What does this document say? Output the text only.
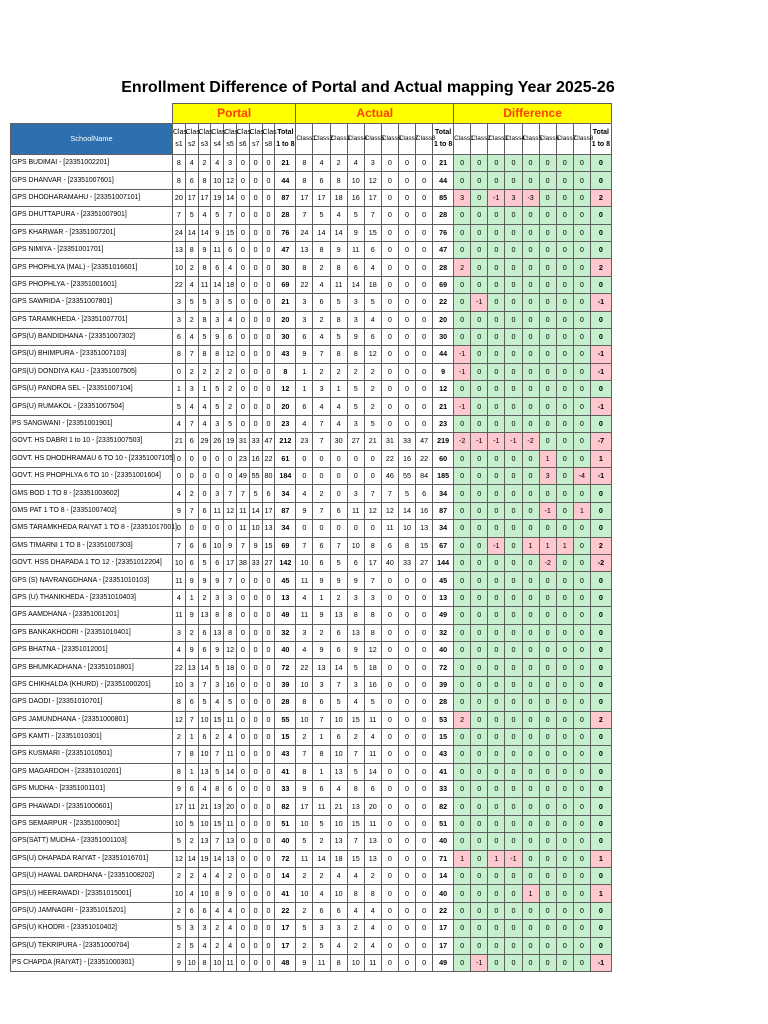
Enrollment Difference of Portal and Actual mapping Year 2025-26
	Portal									Actual									Difference								
SchoolName	Clas s1	Clas s2	Clas s3	Clas s4	Clas s5	Clas s6	Clas s7	Clas s8	Total 1 to 8	Class1	Class2	Class3	Class4	Class5	Class6	Class7	Class8	Total 1 to 8	Class1	Class2	Class3	Class4	Class5	Class6	Class7	Class8	Total 1 to 8
GPS BUDIMAI - [23351002201]	8	4	2	4	3	0	0	0	21	8	4	2	4	3	0	0	0	21	0	0	0	0	0	0	0	0	0
GPS DHANVAR - [23351007601]	8	6	8	10	12	0	0	0	44	8	6	8	10	12	0	0	0	44	0	0	0	0	0	0	0	0	0
GPS DHODHARAMAHU - [23351007101]	20	17	17	19	14	0	0	0	87	17	17	18	16	17	0	0	0	85	3	0	-1	3	-3	0	0	0	2
GPS DHUTTAPURA - [23351007901]	7	5	4	5	7	0	0	0	28	7	5	4	5	7	0	0	0	28	0	0	0	0	0	0	0	0	0
GPS KHARWAR - [23351007201]	24	14	14	9	15	0	0	0	76	24	14	14	9	15	0	0	0	76	0	0	0	0	0	0	0	0	0
GPS NIMIYA - [23351001701]	13	8	9	11	6	0	0	0	47	13	8	9	11	6	0	0	0	47	0	0	0	0	0	0	0	0	0
GPS PHOPHLYA (MAL) - [23351016601]	10	2	8	6	4	0	0	0	30	8	2	8	6	4	0	0	0	28	2	0	0	0	0	0	0	0	2
GPS PHOPHLYA - [23351001601]	22	4	11	14	18	0	0	0	69	22	4	11	14	18	0	0	0	69	0	0	0	0	0	0	0	0	0
GPS SAWRIDA - [23351007801]	3	5	5	3	5	0	0	0	21	3	6	5	3	5	0	0	0	22	0	-1	0	0	0	0	0	0	-1
GPS TARAMKHEDA - [23351007701]	3	2	8	3	4	0	0	0	20	3	2	8	3	4	0	0	0	20	0	0	0	0	0	0	0	0	0
GPS(U) BANDIDHANA - [23351007302]	6	4	5	9	6	0	0	0	30	6	4	5	9	6	0	0	0	30	0	0	0	0	0	0	0	0	0
GPS(U) BHIMPURA - [23351007103]	8	7	8	8	12	0	0	0	43	9	7	8	8	12	0	0	0	44	-1	0	0	0	0	0	0	0	-1
GPS(U) DONDIYA KAU - [23351007505]	0	2	2	2	2	0	0	0	8	1	2	2	2	2	0	0	0	9	-1	0	0	0	0	0	0	0	-1
GPS(U) PANDRA SEL - [23351007104]	1	3	1	5	2	0	0	0	12	1	3	1	5	2	0	0	0	12	0	0	0	0	0	0	0	0	0
GPS(U) RUMAKOL - [23351007504]	5	4	4	5	2	0	0	0	20	6	4	4	5	2	0	0	0	21	-1	0	0	0	0	0	0	0	-1
PS SANGWANI - [23351001901]	4	7	4	3	5	0	0	0	23	4	7	4	3	5	0	0	0	23	0	0	0	0	0	0	0	0	0
GOVT. HS DABRI 1 to 10 - [23351007503]	21	6	29	26	19	31	33	47	212	23	7	30	27	21	31	33	47	219	-2	-1	-1	-1	-2	0	0	0	-7
GOVT. HS DHODHRAMAU 6 TO 10 - [23351007105]	0	0	0	0	0	23	16	22	61	0	0	0	0	0	22	16	22	60	0	0	0	0	0	1	0	0	1
GOVT. HS PHOPHLYA 6 TO 10 - [23351001604]	0	0	0	0	0	49	55	80	184	0	0	0	0	0	46	55	84	185	0	0	0	0	0	3	0	-4	-1
GMS BOD 1 TO 8 - [23351003602]	4	2	0	3	7	7	5	6	34	4	2	0	3	7	7	5	6	34	0	0	0	0	0	0	0	0	0
GMS PAT 1 TO 8 - [23351007402]	9	7	6	11	12	11	14	17	87	9	7	6	11	12	12	14	16	87	0	0	0	0	0	-1	0	1	0
GMS TARAMKHEDA RAIYAT 1 TO 8 - [23351017001]	0	0	0	0	0	11	10	13	34	0	0	0	0	0	11	10	13	34	0	0	0	0	0	0	0	0	0
GMS TIMARNI 1 TO 8 - [23351007303]	7	6	6	10	9	7	9	15	69	7	6	7	10	8	6	8	15	67	0	0	-1	0	1	1	1	0	2
GOVT. HSS DHAPADA 1 TO 12 - [23351012204]	10	6	5	6	17	38	33	27	142	10	6	5	6	17	40	33	27	144	0	0	0	0	0	-2	0	0	-2
GPS (S) NAVRANGDHANA - [23351010103]	11	9	9	9	7	0	0	0	45	11	9	9	9	7	0	0	0	45	0	0	0	0	0	0	0	0	0
GPS (U) THANIKHEDA - [23351010403]	4	1	2	3	3	0	0	0	13	4	1	2	3	3	0	0	0	13	0	0	0	0	0	0	0	0	0
GPS AAMDHANA - [23351001201]	11	9	13	8	8	0	0	0	49	11	9	13	8	8	0	0	0	49	0	0	0	0	0	0	0	0	0
GPS BANKAKHODRI - [23351010401]	3	2	6	13	8	0	0	0	32	3	2	6	13	8	0	0	0	32	0	0	0	0	0	0	0	0	0
GPS BHATNA - [23351012001]	4	9	6	9	12	0	0	0	40	4	9	6	9	12	0	0	0	40	0	0	0	0	0	0	0	0	0
GPS BHUMKADHANA - [23351010801]	22	13	14	5	18	0	0	0	72	22	13	14	5	18	0	0	0	72	0	0	0	0	0	0	0	0	0
GPS CHIKHALDA (KHURD) - [23351000201]	10	3	7	3	16	0	0	0	39	10	3	7	3	16	0	0	0	39	0	0	0	0	0	0	0	0	0
GPS DAODI - [23351010701]	8	6	5	4	5	0	0	0	28	8	6	5	4	5	0	0	0	28	0	0	0	0	0	0	0	0	0
GPS JAMUNDHANA - [23351000801]	12	7	10	15	11	0	0	0	55	10	7	10	15	11	0	0	0	53	2	0	0	0	0	0	0	0	2
GPS KAMTI - [23351010301]	2	1	6	2	4	0	0	0	15	2	1	6	2	4	0	0	0	15	0	0	0	0	0	0	0	0	0
GPS KUSMARI - [23351010501]	7	8	10	7	11	0	0	0	43	7	8	10	7	11	0	0	0	43	0	0	0	0	0	0	0	0	0
GPS MAGARDOH - [23351010201]	8	1	13	5	14	0	0	0	41	8	1	13	5	14	0	0	0	41	0	0	0	0	0	0	0	0	0
GPS MUDHA - [23351001101]	9	6	4	8	6	0	0	0	33	9	6	4	8	6	0	0	0	33	0	0	0	0	0	0	0	0	0
GPS PHAWADI - [23351000601]	17	11	21	13	20	0	0	0	82	17	11	21	13	20	0	0	0	82	0	0	0	0	0	0	0	0	0
GPS SEMARPUR - [23351000901]	10	5	10	15	11	0	0	0	51	10	5	10	15	11	0	0	0	51	0	0	0	0	0	0	0	0	0
GPS(SATT) MUDHA - [23351001103]	5	2	13	7	13	0	0	0	40	5	2	13	7	13	0	0	0	40	0	0	0	0	0	0	0	0	0
GPS(U) DHAPADA RAIYAT - [23351016701]	12	14	19	14	13	0	0	0	72	11	14	18	15	13	0	0	0	71	1	0	1	-1	0	0	0	0	1
GPS(U) HAWAL DARDHANA - [23351008202]	2	2	4	4	2	0	0	0	14	2	2	4	4	2	0	0	0	14	0	0	0	0	0	0	0	0	0
GPS(U) HEERAWADI - [23351015001]	10	4	10	8	9	0	0	0	41	10	4	10	8	8	0	0	0	40	0	0	0	0	1	0	0	0	1
GPS(U) JAMNAGRI - [23351015201]	2	6	6	4	4	0	0	0	22	2	6	6	4	4	0	0	0	22	0	0	0	0	0	0	0	0	0
GPS(U) KHODRI - [23351010402]	5	3	3	2	4	0	0	0	17	5	3	3	2	4	0	0	0	17	0	0	0	0	0	0	0	0	0
GPS(U) TEKRIPURA - [23351000704]	2	5	4	2	4	0	0	0	17	2	5	4	2	4	0	0	0	17	0	0	0	0	0	0	0	0	0
PS CHAPDA (RAIYAT) - [23351000301]	9	10	8	10	11	0	0	0	48	9	11	8	10	11	0	0	0	49	0	-1	0	0	0	0	0	0	-1
